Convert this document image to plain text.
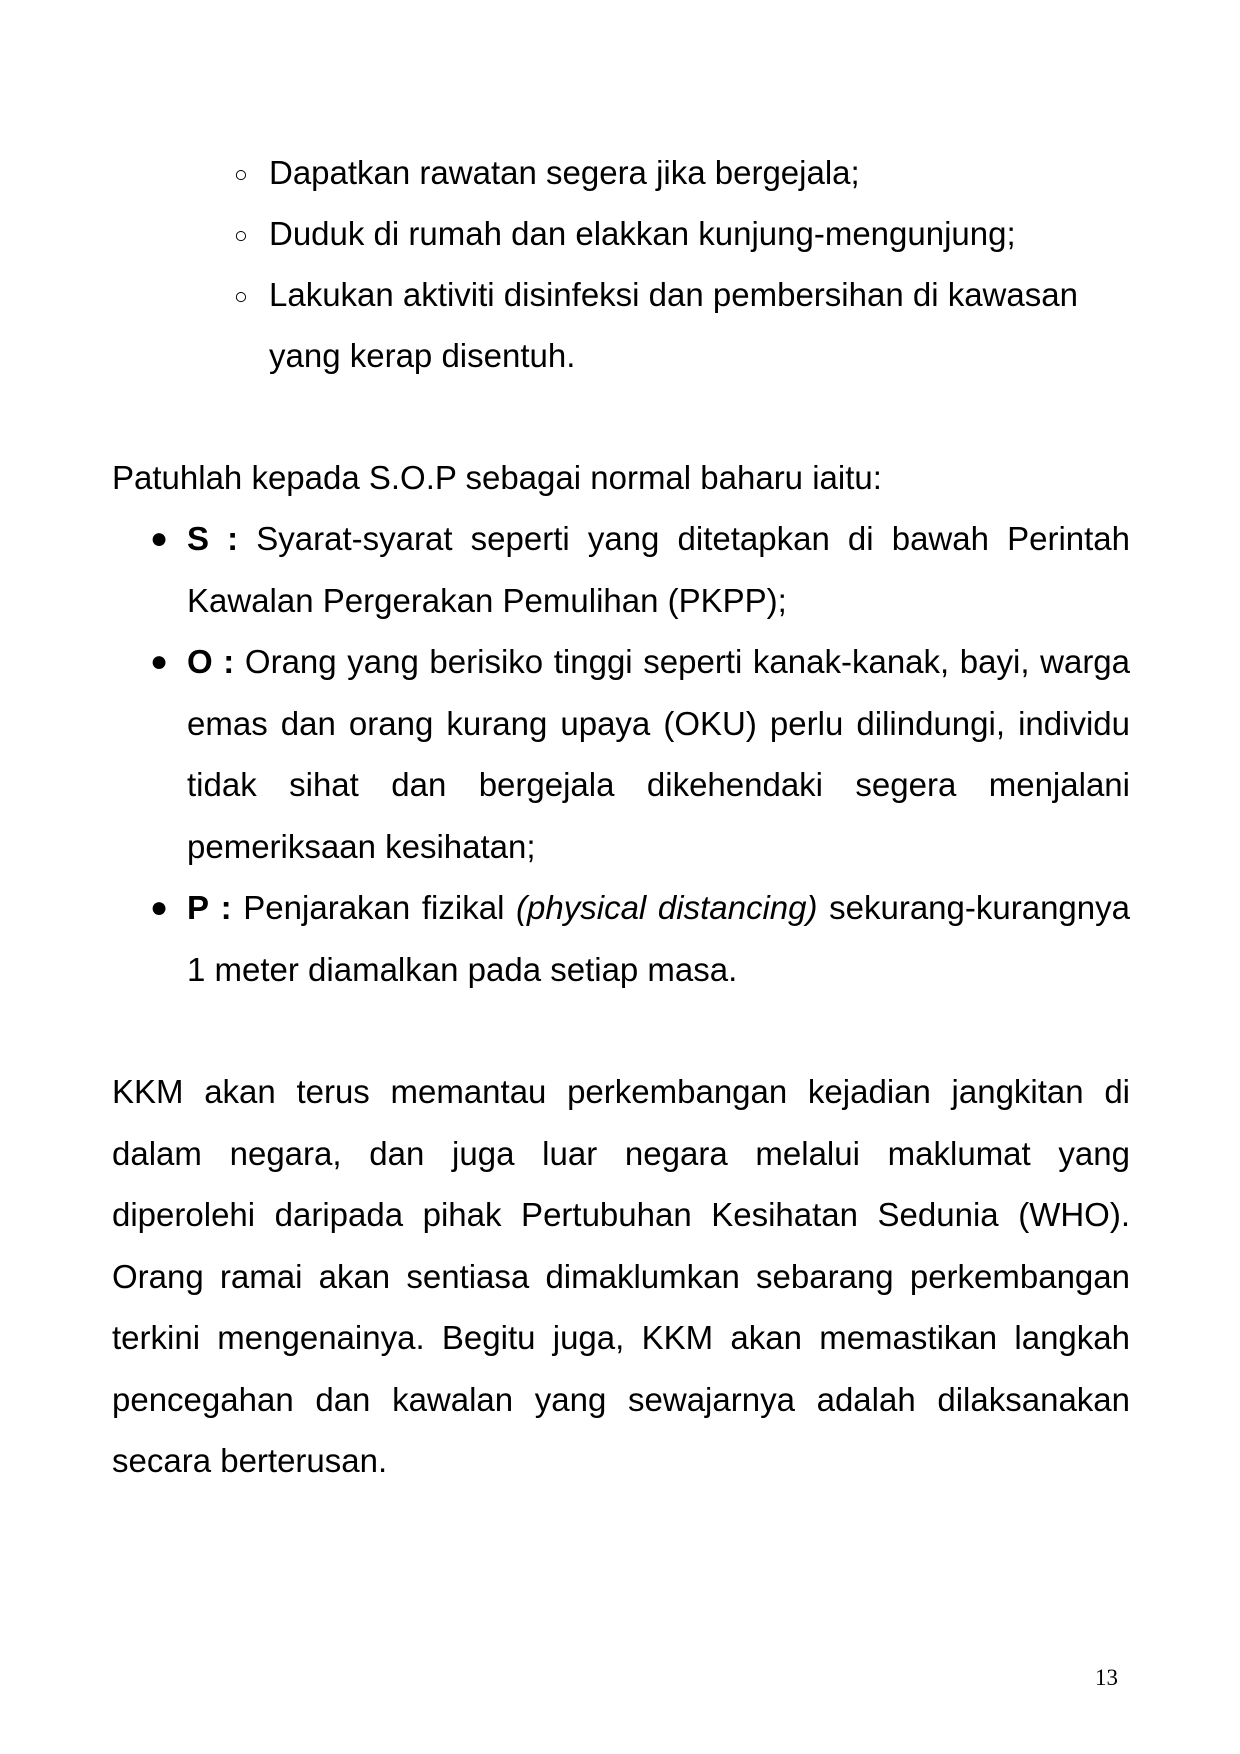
○ Dapatkan rawatan segera jika bergejala;
○ Duduk di rumah dan elakkan kunjung-mengunjung;
○ Lakukan aktiviti disinfeksi dan pembersihan di kawasan yang kerap disentuh.

Patuhlah kepada S.O.P sebagai normal baharu iaitu:

● S : Syarat-syarat seperti yang ditetapkan di bawah Perintah Kawalan Pergerakan Pemulihan (PKPP);
● O : Orang yang berisiko tinggi seperti kanak-kanak, bayi, warga emas dan orang kurang upaya (OKU) perlu dilindungi, individu tidak sihat dan bergejala dikehendaki segera menjalani pemeriksaan kesihatan;
● P : Penjarakan fizikal (physical distancing) sekurang-kurangnya 1 meter diamalkan pada setiap masa.

KKM akan terus memantau perkembangan kejadian jangkitan di dalam negara, dan juga luar negara melalui maklumat yang diperolehi daripada pihak Pertubuhan Kesihatan Sedunia (WHO). Orang ramai akan sentiasa dimaklumkan sebarang perkembangan terkini mengenainya. Begitu juga, KKM akan memastikan langkah pencegahan dan kawalan yang sewajarnya adalah dilaksanakan secara berterusan.

13
